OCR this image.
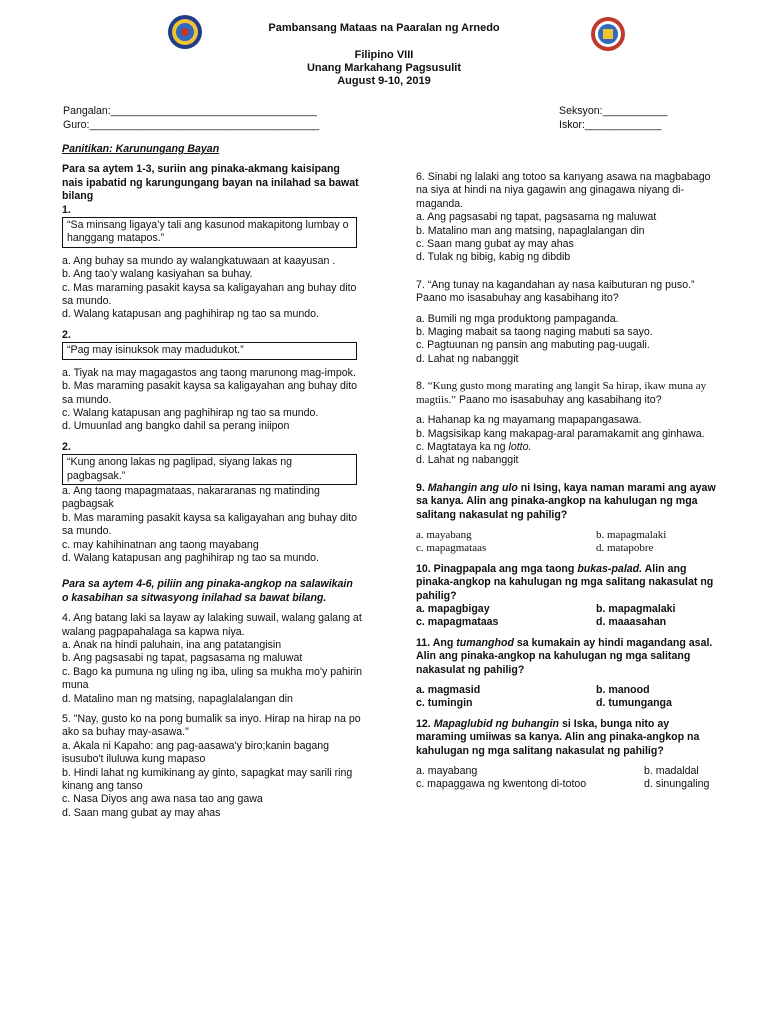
Pambansang Mataas na Paaralan ng Arnedo
Filipino VIII
Unang Markahang Pagsusulit
August 9-10, 2019
Pangalan:___________________________________
Guro:_______________________________________
Seksyon:___________
Iskor:_____________
Panitikan: Karunungang Bayan
Para sa aytem 1-3, suriin ang pinaka-akmang kaisipang nais ipabatid ng karungungang bayan na inilahad sa bawat bilang
1.
“Sa minsang ligaya’y tali ang kasunod makapitong lumbay o hanggang matapos.”
a. Ang buhay sa mundo ay walangkatuwaan at kaayusan .
b. Ang tao’y walang kasiyahan sa buhay.
c. Mas maraming pasakit kaysa sa kaligayahan ang buhay dito sa mundo.
d. Walang katapusan ang paghihirap ng tao sa mundo.
2.
“Pag may isinuksok may madudukot.”
a. Tiyak na may magagastos ang taong marunong mag-impok.
b. Mas maraming pasakit kaysa sa kaligayahan ang buhay dito sa mundo.
c. Walang katapusan ang paghihirap ng tao sa mundo.
d. Umuunlad ang bangko dahil sa perang iniipon
2.
“Kung anong lakas ng paglipad, siyang lakas ng pagbagsak.”
a. Ang taong mapagmataas, nakararanas ng matinding pagbagsak
b. Mas maraming pasakit kaysa sa kaligayahan ang buhay dito sa mundo.
c. may kahihinatnan ang taong mayabang
d. Walang katapusan ang paghihirap ng tao sa mundo.
Para sa aytem 4-6, piliin ang pinaka-angkop na salawikain o kasabihan sa sitwasyong inilahad sa bawat bilang.
4. Ang batang laki sa layaw ay lalaking suwail, walang galang at walang pagpapahalaga sa kapwa niya.
a. Anak na hindi paluhain, ina ang patatangisin
b. Ang pagsasabi ng tapat, pagsasama ng maluwat
c. Bago ka pumuna ng uling ng iba, uling sa mukha mo'y pahirin muna
d. Matalino man ng matsing, napaglalalangan din
5. "Nay, gusto ko na pong bumalik sa inyo. Hirap na hirap na po ako sa buhay may-asawa."
a. Akala ni Kapaho: ang pag-aasawa'y biro;kanin bagang isusubo't iluluwa kung mapaso
b. Hindi lahat ng kumikinang ay ginto, sapagkat may sarili ring kinang ang tanso
c. Nasa Diyos ang awa nasa tao ang gawa
d. Saan mang gubat ay may ahas
6. Sinabi ng lalaki ang totoo sa kanyang asawa na magbabago na siya at hindi na niya gagawin ang ginagawa niyang di-maganda.
a. Ang pagsasabi ng tapat, pagsasama ng maluwat
b. Matalino man ang matsing, napaglalangan din
c. Saan mang gubat ay may ahas
d. Tulak ng bibig, kabig ng dibdib
7. “Ang tunay na kagandahan ay nasa kaibuturan ng puso.” Paano mo isasabuhay ang kasabihang ito?
a. Bumili ng mga produktong pampaganda.
b. Maging mabait sa taong naging mabuti sa sayo.
c. Pagtuunan ng pansin ang mabuting pag-uugali.
d. Lahat ng nabanggit
8. “Kung gusto mong marating ang langit Sa hirap, ikaw muna ay magtiis.” Paano mo isasabuhay ang kasabihang ito?
a. Hahanap ka ng mayamang mapapangasawa.
b. Magsisikap kang makapag-aral paramakamit ang ginhawa.
c. Magtataya ka ng lotto.
d. Lahat ng nabanggit
9. Mahangin ang ulo ni Ising, kaya naman marami ang ayaw sa kanya. Alin ang pinaka-angkop na kahulugan ng mga salitang nakasulat ng pahilig?
a. mayabang	b. mapagmalaki
c. mapagmataas	d. matapobre
10. Pinagpapala ang mga taong bukas-palad. Alin ang pinaka-angkop na kahulugan ng mga salitang nakasulat ng pahilig?
a. mapagbigay	b. mapagmalaki
c. mapagmataas	d. maaasahan
11. Ang tumanghod sa kumakain ay hindi magandang asal. Alin ang pinaka-angkop na kahulugan ng mga salitang nakasulat ng pahilig?
a. magmasid	b. manood
c. tumingin	d. tumunganga
12. Mapaglubid ng buhangin si Iska, bunga nito ay maraming umiiwas sa kanya. Alin ang pinaka-angkop na kahulugan ng mga salitang nakasulat ng pahilig?
a. mayabang	b. madaldal
c. mapaggawa ng kwentong di-totoo	d. sinungaling
